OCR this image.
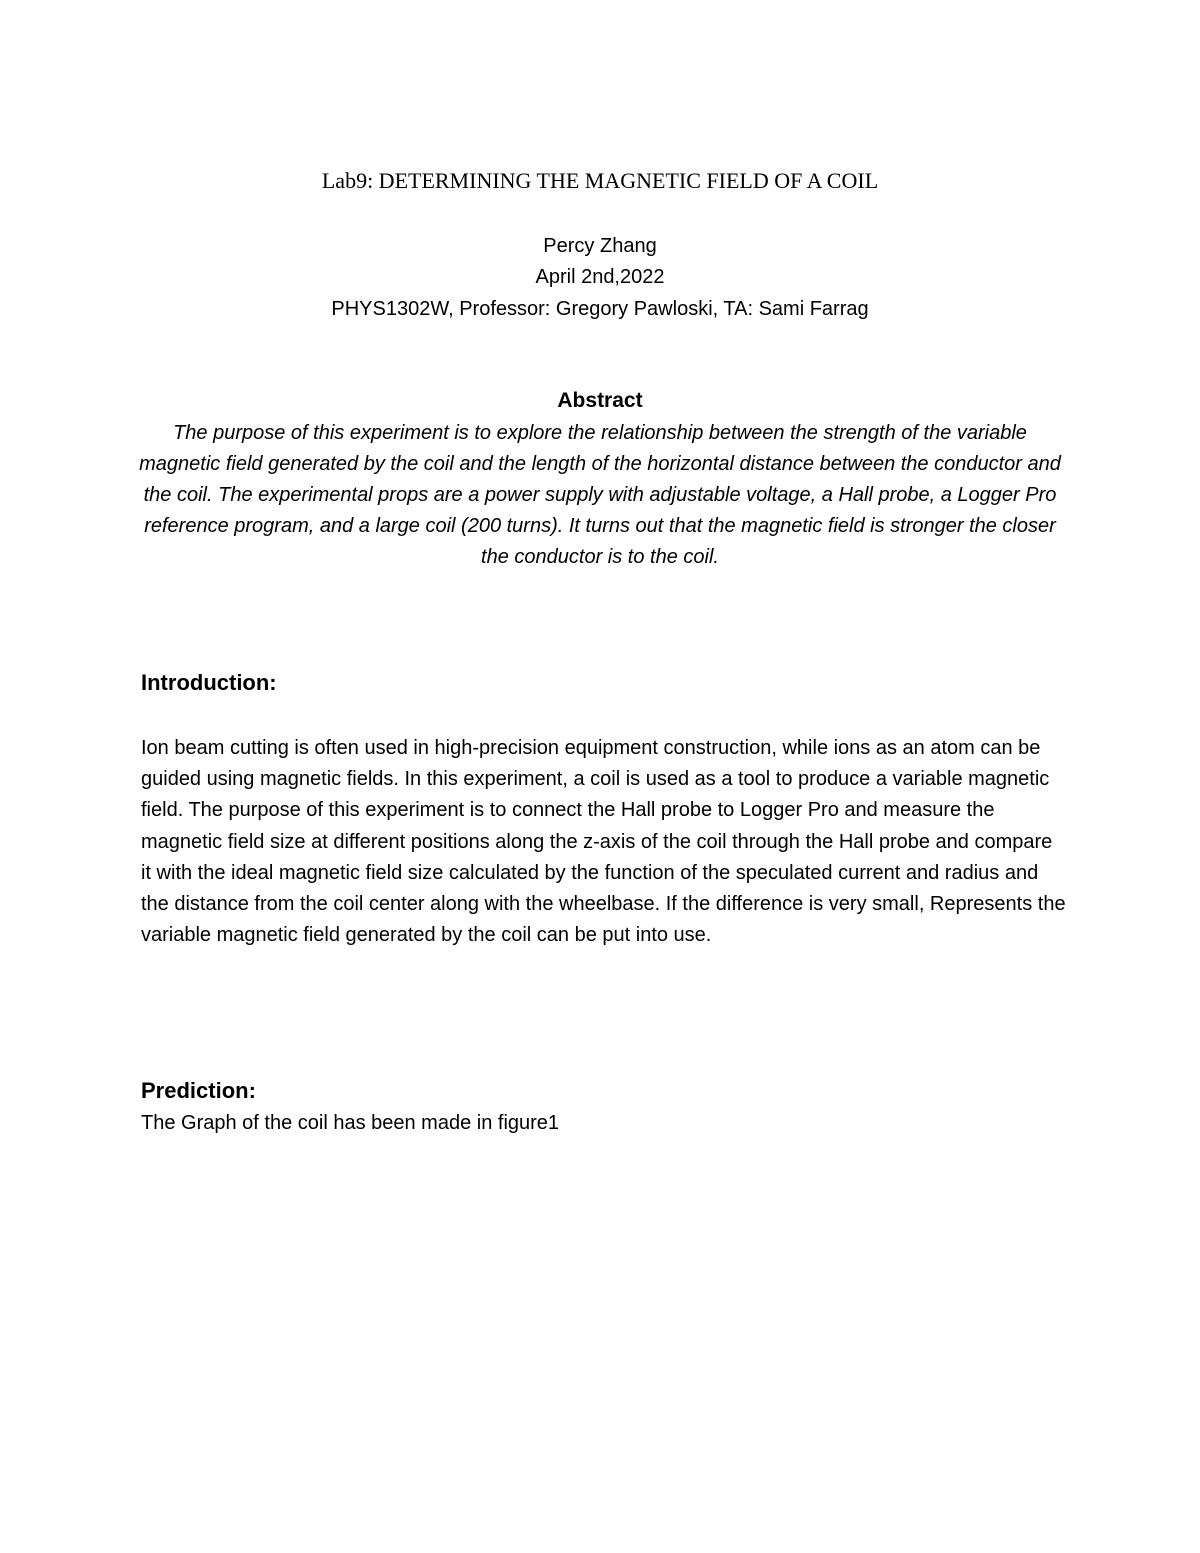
Lab9: DETERMINING THE MAGNETIC FIELD OF A COIL
Percy Zhang
April 2nd,2022
PHYS1302W, Professor: Gregory Pawloski, TA: Sami Farrag
Abstract
The purpose of this experiment is to explore the relationship between the strength of the variable magnetic field generated by the coil and the length of the horizontal distance between the conductor and the coil. The experimental props are a power supply with adjustable voltage, a Hall probe, a Logger Pro reference program, and a large coil (200 turns). It turns out that the magnetic field is stronger the closer the conductor is to the coil.
Introduction:
Ion beam cutting is often used in high-precision equipment construction, while ions as an atom can be guided using magnetic fields. In this experiment, a coil is used as a tool to produce a variable magnetic field. The purpose of this experiment is to connect the Hall probe to Logger Pro and measure the magnetic field size at different positions along the z-axis of the coil through the Hall probe and compare it with the ideal magnetic field size calculated by the function of the speculated current and radius and the distance from the coil center along with the wheelbase. If the difference is very small, Represents the variable magnetic field generated by the coil can be put into use.
Prediction:
The Graph of the coil has been made in figure1
